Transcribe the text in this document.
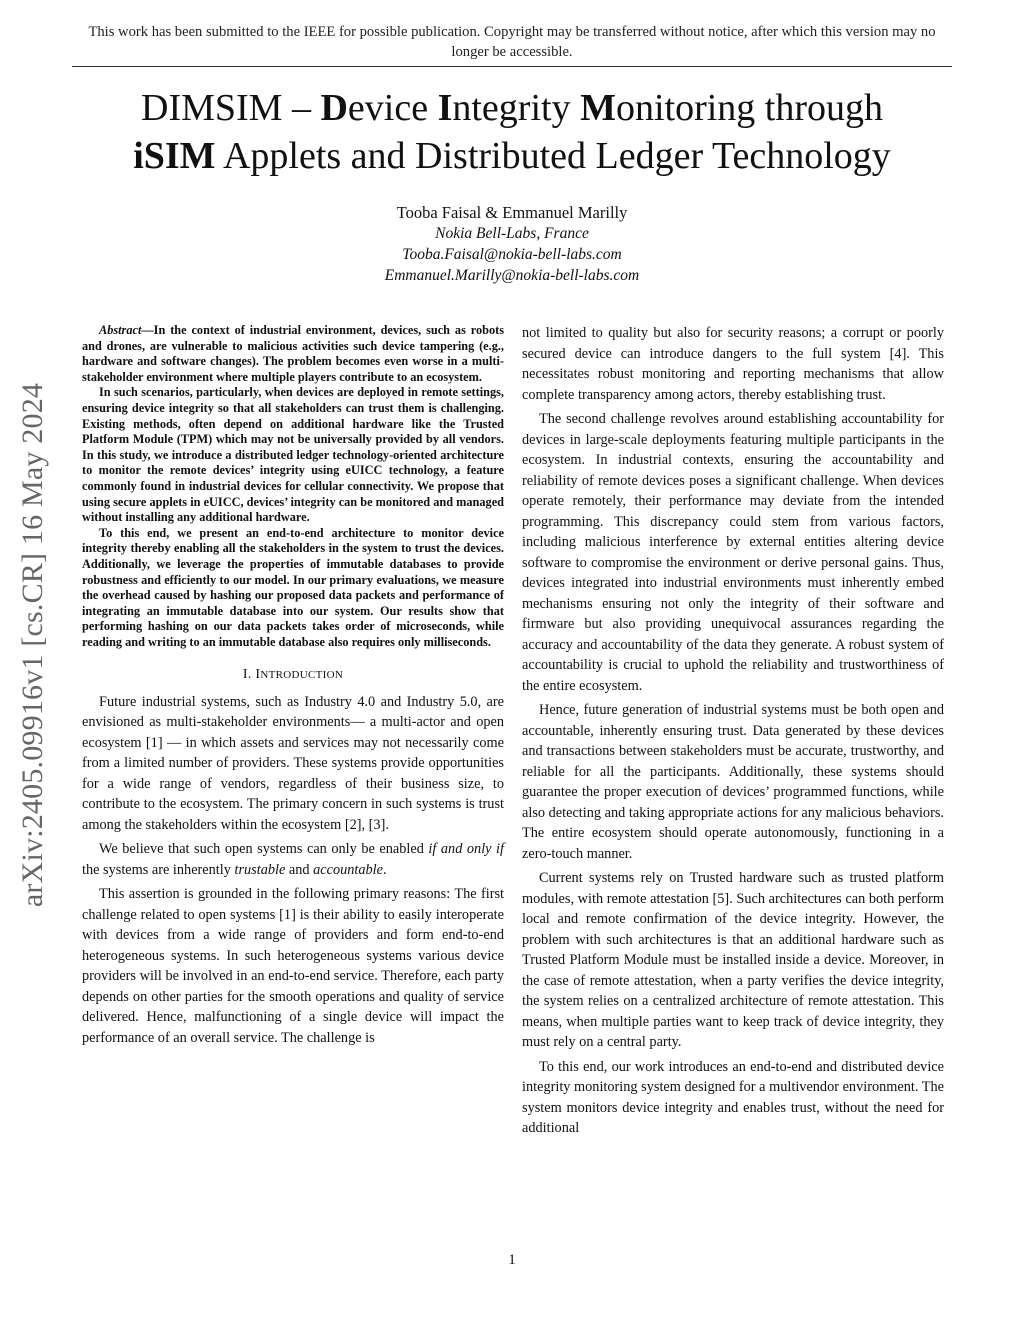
This work has been submitted to the IEEE for possible publication. Copyright may be transferred without notice, after which this version may no longer be accessible.
DIMSIM – Device Integrity Monitoring through
iSIM Applets and Distributed Ledger Technology
Tooba Faisal & Emmanuel Marilly
Nokia Bell-Labs, France
Tooba.Faisal@nokia-bell-labs.com
Emmanuel.Marilly@nokia-bell-labs.com
arXiv:2405.09916v1 [cs.CR] 16 May 2024

Abstract—In the context of industrial environment, devices, such as robots and drones, are vulnerable to malicious activities such device tampering (e.g., hardware and software changes). The problem becomes even worse in a multi-stakeholder environment where multiple players contribute to an ecosystem.

In such scenarios, particularly, when devices are deployed in remote settings, ensuring device integrity so that all stakeholders can trust them is challenging. Existing methods, often depend on additional hardware like the Trusted Platform Module (TPM) which may not be universally provided by all vendors. In this study, we introduce a distributed ledger technology-oriented architecture to monitor the remote devices’ integrity using eUICC technology, a feature commonly found in industrial devices for cellular connectivity. We propose that using secure applets in eUICC, devices’ integrity can be monitored and managed without installing any additional hardware.

To this end, we present an end-to-end architecture to monitor device integrity thereby enabling all the stakeholders in the system to trust the devices. Additionally, we leverage the properties of immutable databases to provide robustness and efficiently to our model. In our primary evaluations, we measure the overhead caused by hashing our proposed data packets and performance of integrating an immutable database into our system. Our results show that performing hashing on our data packets takes order of microseconds, while reading and writing to an immutable database also requires only milliseconds.

I. INTRODUCTION

Future industrial systems, such as Industry 4.0 and Industry 5.0, are envisioned as multi-stakeholder environments— a multi-actor and open ecosystem [1] — in which assets and services may not necessarily come from a limited number of providers. These systems provide opportunities for a wide range of vendors, regardless of their business size, to contribute to the ecosystem. The primary concern in such systems is trust among the stakeholders within the ecosystem [2], [3].

We believe that such open systems can only be enabled if and only if the systems are inherently trustable and accountable.

This assertion is grounded in the following primary reasons: The first challenge related to open systems [1] is their ability to easily interoperate with devices from a wide range of providers and form end-to-end heterogeneous systems. In such heterogeneous systems various device providers will be involved in an end-to-end service. Therefore, each party depends on other parties for the smooth operations and quality of service delivered. Hence, malfunctioning of a single device will impact the performance of an overall service. The challenge is

not limited to quality but also for security reasons; a corrupt or poorly secured device can introduce dangers to the full system [4]. This necessitates robust monitoring and reporting mechanisms that allow complete transparency among actors, thereby establishing trust.

The second challenge revolves around establishing accountability for devices in large-scale deployments featuring multiple participants in the ecosystem. In industrial contexts, ensuring the accountability and reliability of remote devices poses a significant challenge. When devices operate remotely, their performance may deviate from the intended programming. This discrepancy could stem from various factors, including malicious interference by external entities altering device software to compromise the environment or derive personal gains. Thus, devices integrated into industrial environments must inherently embed mechanisms ensuring not only the integrity of their software and firmware but also providing unequivocal assurances regarding the accuracy and accountability of the data they generate. A robust system of accountability is crucial to uphold the reliability and trustworthiness of the entire ecosystem.

Hence, future generation of industrial systems must be both open and accountable, inherently ensuring trust. Data generated by these devices and transactions between stakeholders must be accurate, trustworthy, and reliable for all the participants. Additionally, these systems should guarantee the proper execution of devices’ programmed functions, while also detecting and taking appropriate actions for any malicious behaviors. The entire ecosystem should operate autonomously, functioning in a zero-touch manner.

Current systems rely on Trusted hardware such as trusted platform modules, with remote attestation [5]. Such architectures can both perform local and remote confirmation of the device integrity. However, the problem with such architectures is that an additional hardware such as Trusted Platform Module must be installed inside a device. Moreover, in the case of remote attestation, when a party verifies the device integrity, the system relies on a centralized architecture of remote attestation. This means, when multiple parties want to keep track of device integrity, they must rely on a central party.

To this end, our work introduces an end-to-end and distributed device integrity monitoring system designed for a multivendor environment. The system monitors device integrity and enables trust, without the need for additional

1
